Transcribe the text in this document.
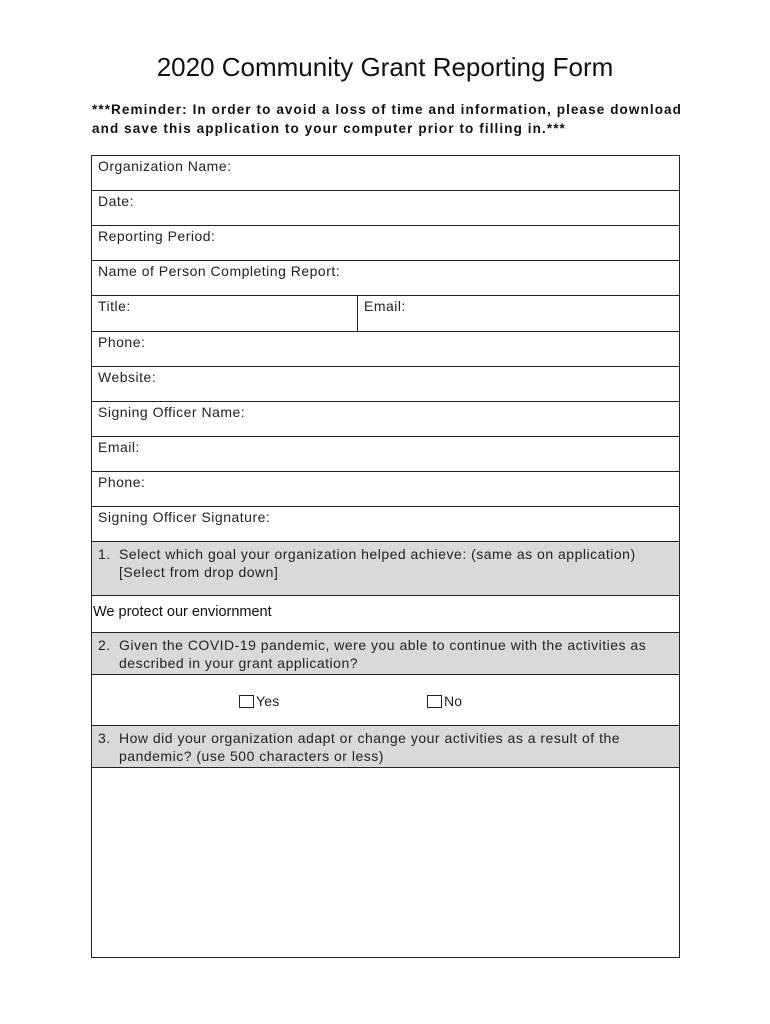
2020 Community Grant Reporting Form
***Reminder: In order to avoid a loss of time and information, please download and save this application to your computer prior to filling in.***
Organization Name:
Date:
Reporting Period:
Name of Person Completing Report:
Title:	Email:
Phone:
Website:
Signing Officer Name:
Email:
Phone:
Signing Officer Signature:
1. Select which goal your organization helped achieve: (same as on application) [Select from drop down]
We protect our enviornment
2. Given the COVID-19 pandemic, were you able to continue with the activities as described in your grant application?
Yes	No
3. How did your organization adapt or change your activities as a result of the pandemic? (use 500 characters or less)
